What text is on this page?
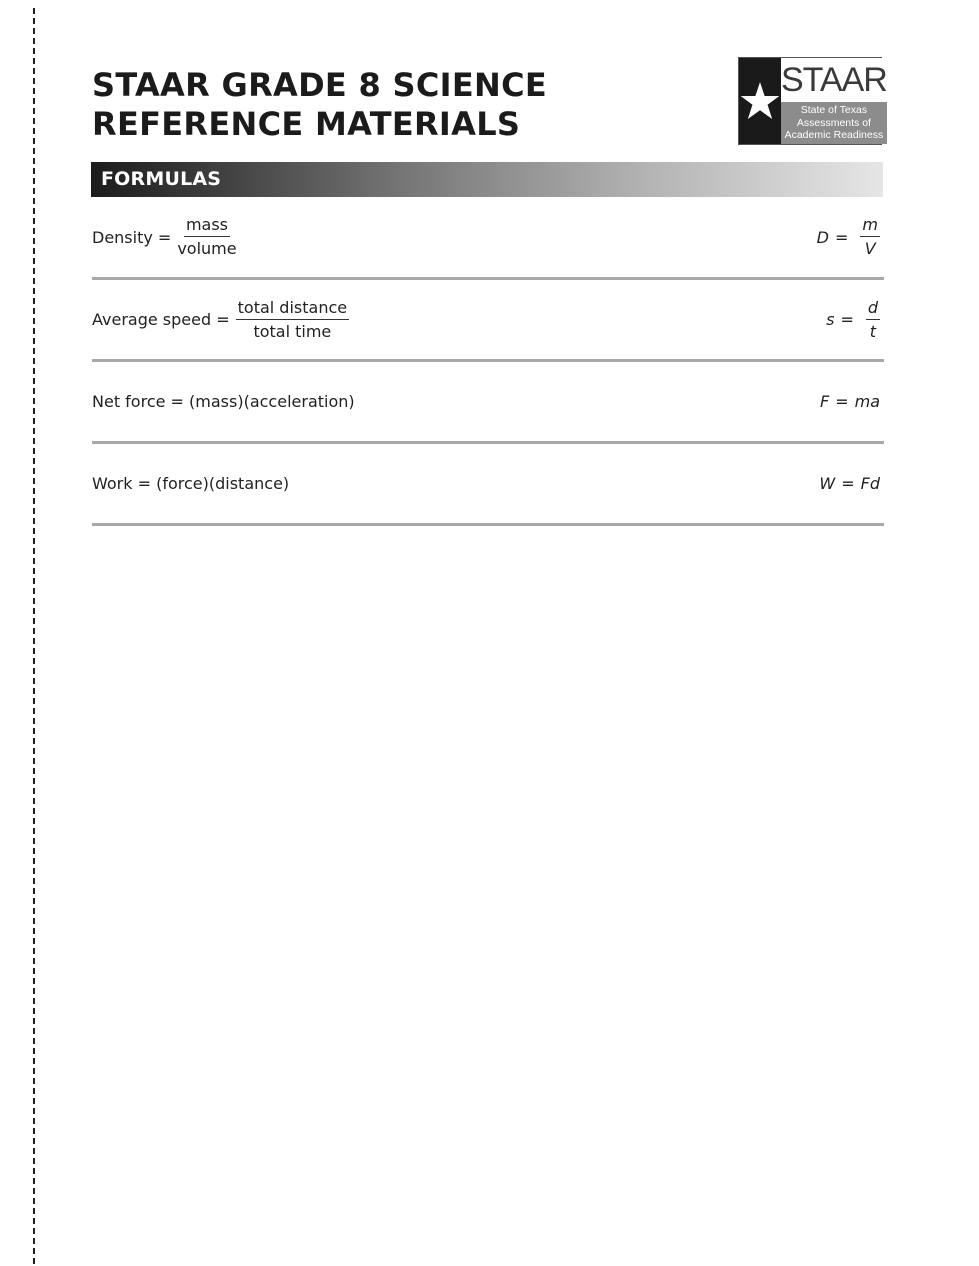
STAAR GRADE 8 SCIENCE
REFERENCE MATERIALS
STAAR
State of Texas
Assessments of
Academic Readiness
FORMULAS
Density = $\frac{\text{mass}}{\text{volume}}$	$D = \frac{m}{V}$
Average speed = $\frac{\text{total distance}}{\text{total time}}$	$s = \frac{d}{t}$
Net force = (mass)(acceleration)	F = ma
Work = (force)(distance)	W = Fd
